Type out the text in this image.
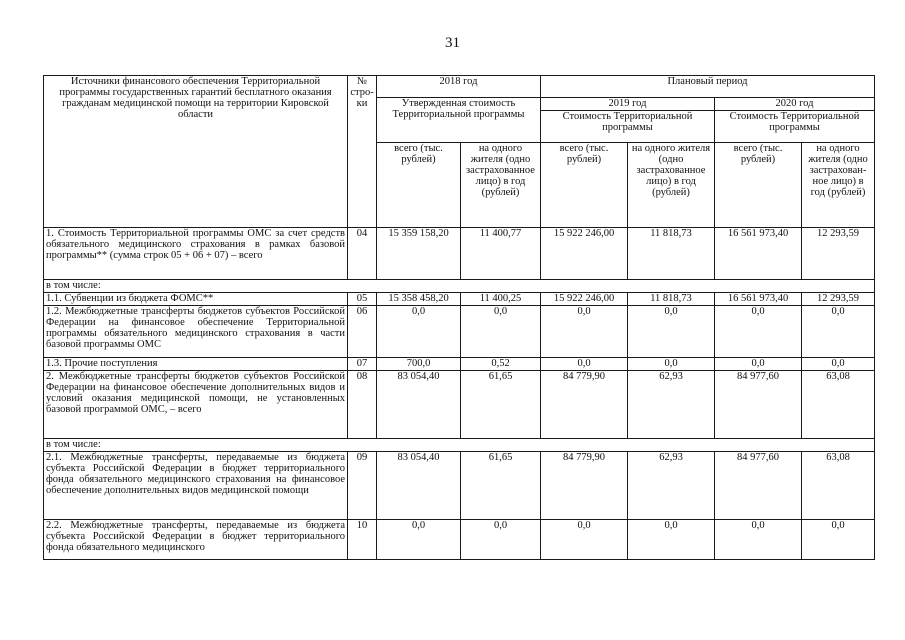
31
Источники финансового обеспечения Территориальной программы государственных гарантий бесплатного оказания гражданам медицинской помощи на территории Кировской области	№ стро-ки	2018 год		Плановый период			
		Утвержденная стоимость Территориальной программы		2019 год		2020 год	
				Стоимость Территориальной программы		Стоимость Территориальной программы	
		всего (тыс. рублей)	на одного жителя (одно застрахованное лицо) в год (рублей)	всего (тыс. рублей)	на одного жителя (одно застрахованное лицо) в год (рублей)	всего (тыс. рублей)	на одного жителя (одно застрахован-ное лицо) в год (рублей)
1. Стоимость Территориальной программы ОМС за счет средств обязательного медицинского страхования в рамках базовой программы** (сумма строк 05 + 06 + 07) – всего	04	15 359 158,20	11 400,77	15 922 246,00	11 818,73	16 561 973,40	12 293,59
в том числе:							
1.1. Субвенции из бюджета ФОМС**	05	15 358 458,20	11 400,25	15 922 246,00	11 818,73	16 561 973,40	12 293,59
1.2. Межбюджетные трансферты бюджетов субъектов Российской Федерации на финансовое обеспечение Территориальной программы обязательного медицинского страхования в части базовой программы ОМС	06	0,0	0,0	0,0	0,0	0,0	0,0
1.3. Прочие поступления	07	700,0	0,52	0,0	0,0	0,0	0,0
2. Межбюджетные трансферты бюджетов субъектов Российской Федерации на финансовое обеспечение дополнительных видов и условий оказания медицинской помощи, не установленных базовой программой ОМС, – всего	08	83 054,40	61,65	84 779,90	62,93	84 977,60	63,08
в том числе:							
2.1. Межбюджетные трансферты, передаваемые из бюджета субъекта Российской Федерации в бюджет территориального фонда обязательного медицинского страхования на финансовое обеспечение дополнительных видов медицинской помощи	09	83 054,40	61,65	84 779,90	62,93	84 977,60	63,08
2.2. Межбюджетные трансферты, передаваемые из бюджета субъекта Российской Федерации в бюджет территориального фонда обязательного медицинского	10	0,0	0,0	0,0	0,0	0,0	0,0
